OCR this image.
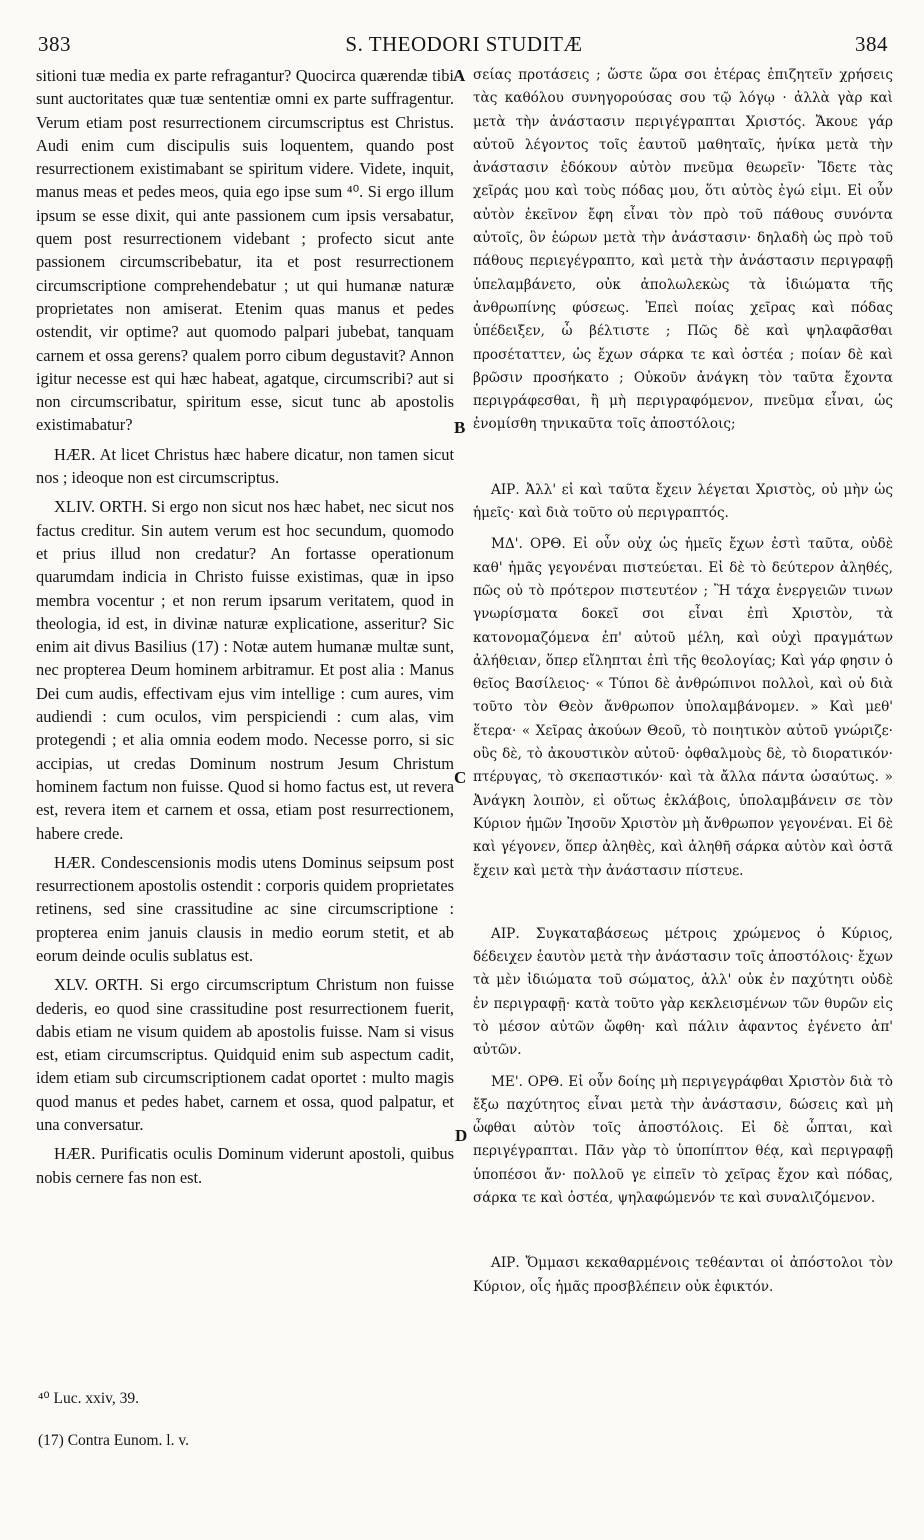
383	S. THEODORI STUDITÆ	384

sitioni tuæ media ex parte refragantur? Quocirca quærendæ tibi sunt auctoritates quæ tuæ sententiæ omni ex parte suffragentur. Verum etiam post resurrectionem circumscriptus est Christus. Audi enim cum discipulis suis loquentem, quando post resurrectionem existimabant se spiritum videre. Videte, inquit, manus meas et pedes meos, quia ego ipse sum ⁴⁰. Si ergo illum ipsum se esse dixit, qui ante passionem cum ipsis versabatur, quem post resurrectionem videbant ; profecto sicut ante passionem circumscribebatur, ita et post resurrectionem circumscriptione comprehendebatur ; ut qui humanæ naturæ proprietates non amiserat. Etenim quas manus et pedes ostendit, vir optime? aut quomodo palpari jubebat, tanquam carnem et ossa gerens? qualem porro cibum degustavit? Annon igitur necesse est qui hæc habeat, agatque, circumscribi? aut si non circumscribatur, spiritum esse, sicut tunc ab apostolis existimabatur?

HÆR. At licet Christus hæc habere dicatur, non tamen sicut nos ; ideoque non est circumscriptus.

XLIV. ORTH. Si ergo non sicut nos hæc habet, nec sicut nos factus creditur. Sin autem verum est hoc secundum, quomodo et prius illud non credatur? An fortasse operationum quarumdam indicia in Christo fuisse existimas, quæ in ipso membra vocentur ; et non rerum ipsarum veritatem, quod in theologia, id est, in divinæ naturæ explicatione, asseritur? Sic enim ait divus Basilius (17) : Notæ autem humanæ multæ sunt, nec propterea Deum hominem arbitramur. Et post alia : Manus Dei cum audis, effectivam ejus vim intellige : cum aures, vim audiendi : cum oculos, vim perspiciendi : cum alas, vim protegendi ; et alia omnia eodem modo. Necesse porro, si sic accipias, ut credas Dominum nostrum Jesum Christum hominem factum non fuisse. Quod si homo factus est, ut revera est, revera item et carnem et ossa, etiam post resurrectionem, habere crede.

HÆR. Condescensionis modis utens Dominus seipsum post resurrectionem apostolis ostendit : corporis quidem proprietates retinens, sed sine crassitudine ac sine circumscriptione : propterea enim januis clausis in medio eorum stetit, et ab eorum deinde oculis sublatus est.

XLV. ORTH. Si ergo circumscriptum Christum non fuisse dederis, eo quod sine crassitudine post resurrectionem fuerit, dabis etiam ne visum quidem ab apostolis fuisse. Nam si visus est, etiam circumscriptus. Quidquid enim sub aspectum cadit, idem etiam sub circumscriptionem cadat oportet : multo magis quod manus et pedes habet, carnem et ossa, quod palpatur, et una conversatur.

HÆR. Purificatis oculis Dominum viderunt apostoli, quibus nobis cernere fas non est.

A
B
C
D

σείας προτάσεις ; ὥστε ὥρα σοι ἑτέρας ἐπιζητεῖν χρήσεις τὰς καθόλου συνηγορούσας σου τῷ λόγῳ · ἀλλὰ γὰρ καὶ μετὰ τὴν ἀνάστασιν περιγέγραπται Χριστός. Ἄκουε γάρ αὐτοῦ λέγοντος τοῖς ἑαυτοῦ μαθηταῖς, ἡνίκα μετὰ τὴν ἀνάστασιν ἐδόκουν αὐτὸν πνεῦμα θεωρεῖν· Ἴδετε τὰς χεῖράς μου καὶ τοὺς πόδας μου, ὅτι αὐτὸς ἐγώ εἰμι. Εἰ οὖν αὐτὸν ἐκεῖνον ἔφη εἶναι τὸν πρὸ τοῦ πάθους συνόντα αὐτοῖς, ὃν ἑώρων μετὰ τὴν ἀνάστασιν· δηλαδὴ ὡς πρὸ τοῦ πάθους περιεγέγραπτο, καὶ μετὰ τὴν ἀνάστασιν περιγραφῇ ὑπελαμβάνετο, οὐκ ἀπολωλεκὼς τὰ ἰδιώματα τῆς ἀνθρωπίνης φύσεως. Ἐπεὶ ποίας χεῖρας καὶ πόδας ὑπέδειξεν, ὦ βέλτιστε ; Πῶς δὲ καὶ ψηλαφᾶσθαι προσέταττεν, ὡς ἔχων σάρκα τε καὶ ὀστέα ; ποίαν δὲ καὶ βρῶσιν προσήκατο ; Οὐκοῦν ἀνάγκη τὸν ταῦτα ἔχοντα περιγράφεσθαι, ἢ μὴ περιγραφόμενον, πνεῦμα εἶναι, ὡς ἐνομίσθη τηνικαῦτα τοῖς ἀποστόλοις;

ΑΙΡ. Ἀλλ' εἰ καὶ ταῦτα ἔχειν λέγεται Χριστὸς, οὐ μὴν ὡς ἡμεῖς· καὶ διὰ τοῦτο οὐ περιγραπτός.

ΜΔ'. ΟΡΘ. Εἰ οὖν οὐχ ὡς ἡμεῖς ἔχων ἐστὶ ταῦτα, οὐδὲ καθ' ἡμᾶς γεγονέναι πιστεύεται. Εἰ δὲ τὸ δεύτερον ἀληθές, πῶς οὐ τὸ πρότερον πιστευτέον ; Ἢ τάχα ἐνεργειῶν τινων γνωρίσματα δοκεῖ σοι εἶναι ἐπὶ Χριστὸν, τὰ κατονομαζόμενα ἐπ' αὐτοῦ μέλη, καὶ οὐχὶ πραγμάτων ἀλήθειαν, ὅπερ εἴληπται ἐπὶ τῆς θεολογίας; Καὶ γάρ φησιν ὁ θεῖος Βασίλειος· « Τύποι δὲ ἀνθρώπινοι πολλοὶ, καὶ οὐ διὰ τοῦτο τὸν Θεὸν ἄνθρωπον ὑπολαμβάνομεν. » Καὶ μεθ' ἕτερα· « Χεῖρας ἀκούων Θεοῦ, τὸ ποιητικὸν αὐτοῦ γνώριζε· οὓς δὲ, τὸ ἀκουστικὸν αὐτοῦ· ὀφθαλμοὺς δὲ, τὸ διορατικόν· πτέρυγας, τὸ σκεπαστικόν· καὶ τὰ ἄλλα πάντα ὡσαύτως. » Ἀνάγκη λοιπὸν, εἰ οὕτως ἐκλάβοις, ὑπολαμβάνειν σε τὸν Κύριον ἡμῶν Ἰησοῦν Χριστὸν μὴ ἄνθρωπον γεγονέναι. Εἰ δὲ καὶ γέγονεν, ὅπερ ἀληθὲς, καὶ ἀληθῆ σάρκα αὐτὸν καὶ ὀστᾶ ἔχειν καὶ μετὰ τὴν ἀνάστασιν πίστευε.

ΑΙΡ. Συγκαταβάσεως μέτροις χρώμενος ὁ Κύριος, δέδειχεν ἑαυτὸν μετὰ τὴν ἀνάστασιν τοῖς ἀποστόλοις· ἔχων τὰ μὲν ἰδιώματα τοῦ σώματος, ἀλλ' οὐκ ἐν παχύτητι οὐδὲ ἐν περιγραφῇ· κατὰ τοῦτο γὰρ κεκλεισμένων τῶν θυρῶν εἰς τὸ μέσον αὐτῶν ὤφθη· καὶ πάλιν ἀφαντος ἐγένετο ἀπ' αὐτῶν.

ΜΕ'. ΟΡΘ. Εἰ οὖν δοίης μὴ περιγεγράφθαι Χριστὸν διὰ τὸ ἔξω παχύτητος εἶναι μετὰ τὴν ἀνάστασιν, δώσεις καὶ μὴ ὦφθαι αὐτὸν τοῖς ἀποστόλοις. Εἰ δὲ ὦπται, καὶ περιγέγραπται. Πᾶν γὰρ τὸ ὑποπίπτον θέᾳ, καὶ περιγραφῇ ὑποπέσοι ἄν· πολλοῦ γε εἰπεῖν τὸ χεῖρας ἔχον καὶ πόδας, σάρκα τε καὶ ὀστέα, ψηλαφώμενόν τε καὶ συναλιζόμενον.

ΑΙΡ. Ὄμμασι κεκαθαρμένοις τεθέανται οἱ ἀπόστολοι τὸν Κύριον, οἷς ἡμᾶς προσβλέπειν οὐκ ἐφικτόν.

⁴⁰ Luc. xxiv, 39.

(17) Contra Eunom. l. v.
